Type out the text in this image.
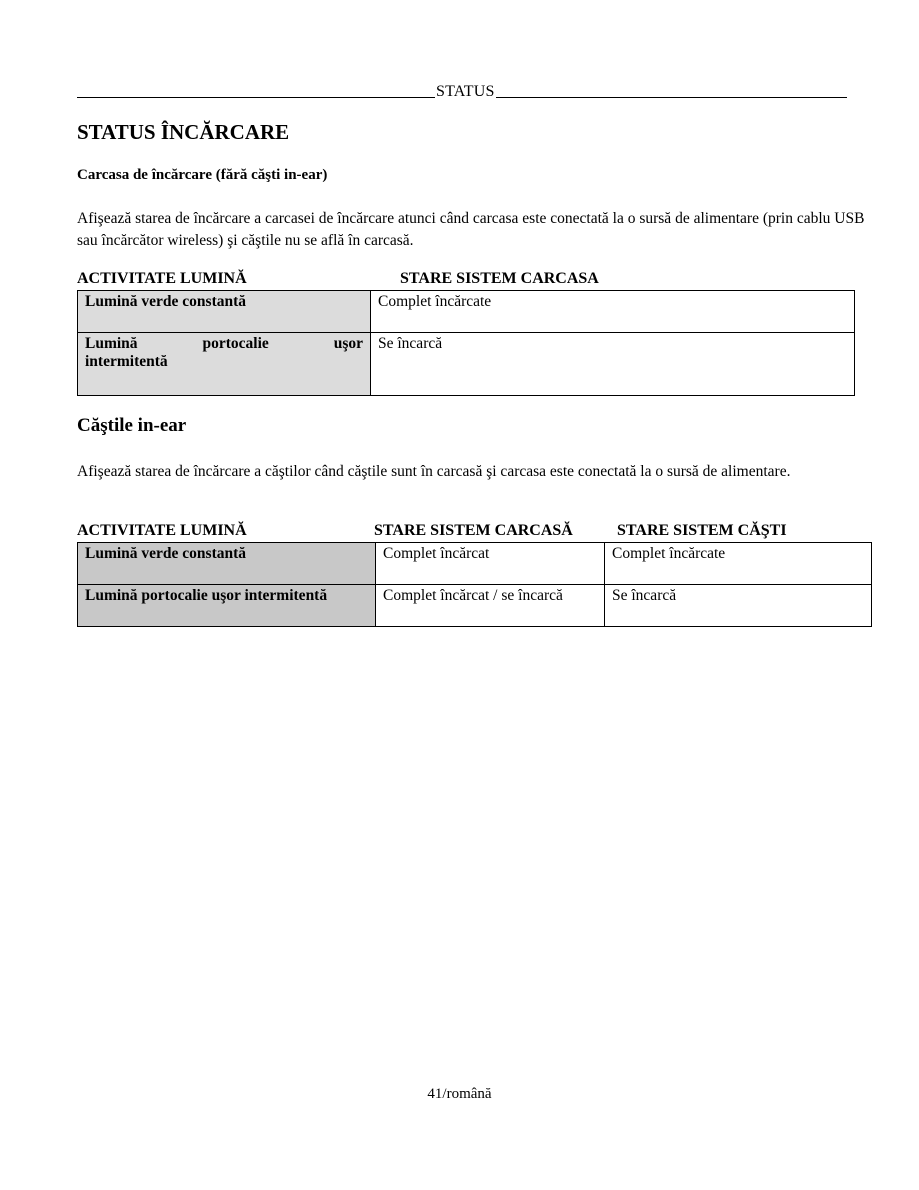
STATUS
STATUS ÎNCĂRCARE
Carcasa de încărcare (fără căşti in-ear)

Afişează starea de încărcare a carcasei de încărcare atunci când carcasa este conectată la o sursă de alimentare (prin cablu USB sau încărcător wireless) şi căştile nu se află în carcasă.

ACTIVITATE LUMINĂ	STARE SISTEM CARCASA
Lumină verde constantă	Complet încărcate

Lumină portocalie uşor
intermitentă	Se încarcă
Căştile in-ear

Afişează starea de încărcare a căştilor când căştile sunt în carcasă şi carcasa este conectată la o sursă de alimentare.

ACTIVITATE LUMINĂ	STARE SISTEM CARCASĂ	STARE SISTEM CĂŞTI
Lumină verde constantă	Complet încărcat	Complet încărcate
Lumină portocalie uşor intermitentă	Complet încărcat / se încarcă	Se încarcă
41/română
